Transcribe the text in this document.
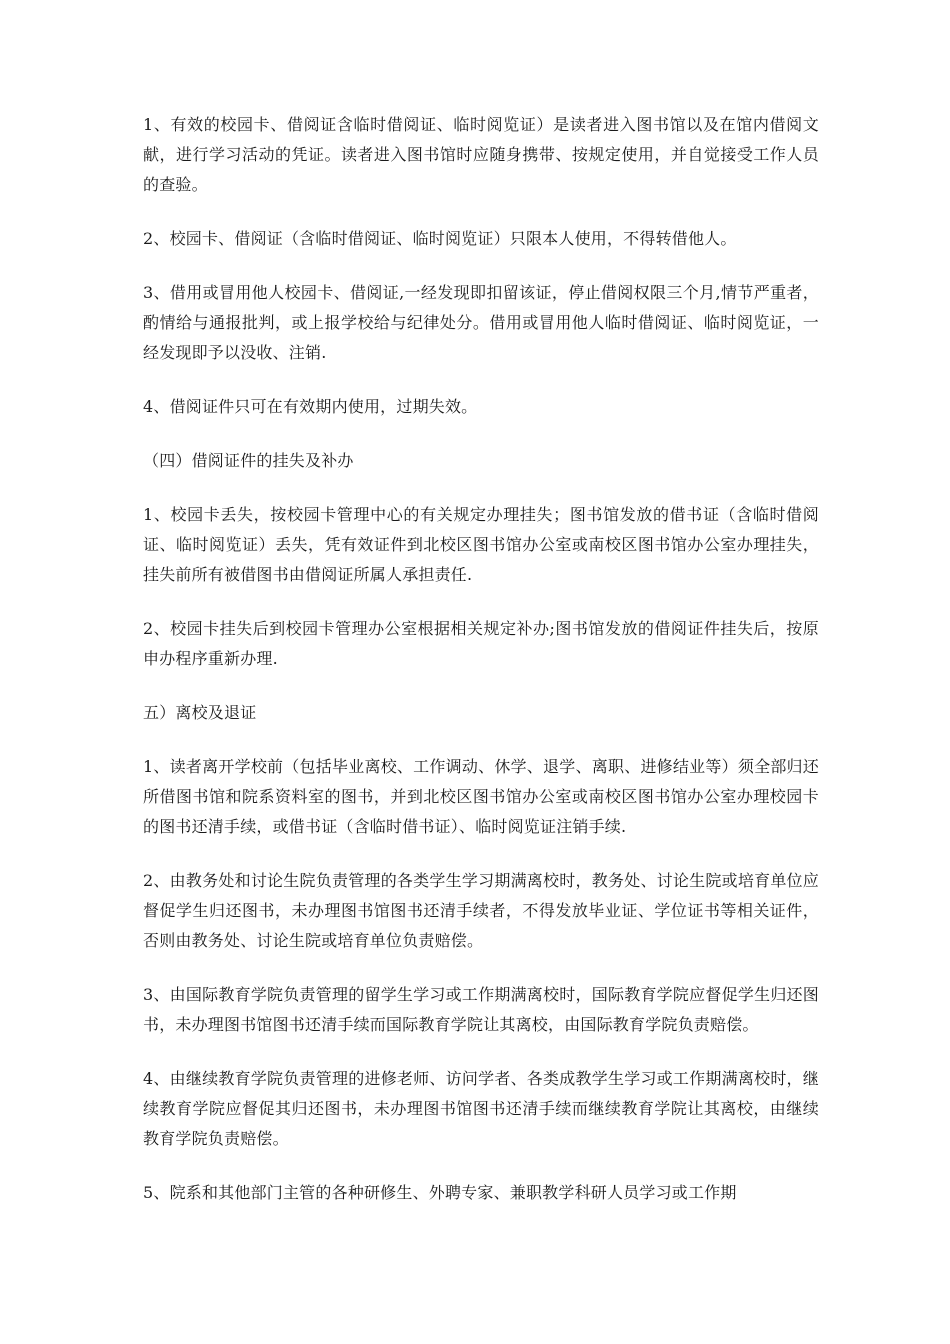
1、有效的校园卡、借阅证含临时借阅证、临时阅览证）是读者进入图书馆以及在馆内借阅文献，进行学习活动的凭证。读者进入图书馆时应随身携带、按规定使用，并自觉接受工作人员的查验。

2、校园卡、借阅证（含临时借阅证、临时阅览证）只限本人使用，不得转借他人。

3、借用或冒用他人校园卡、借阅证,一经发现即扣留该证，停止借阅权限三个月,情节严重者，酌情给与通报批判，或上报学校给与纪律处分。借用或冒用他人临时借阅证、临时阅览证，一经发现即予以没收、注销.

4、借阅证件只可在有效期内使用，过期失效。

（四）借阅证件的挂失及补办

1、校园卡丢失，按校园卡管理中心的有关规定办理挂失；图书馆发放的借书证（含临时借阅证、临时阅览证）丢失，凭有效证件到北校区图书馆办公室或南校区图书馆办公室办理挂失，挂失前所有被借图书由借阅证所属人承担责任.

2、校园卡挂失后到校园卡管理办公室根据相关规定补办;图书馆发放的借阅证件挂失后，按原申办程序重新办理.

五）离校及退证

1、读者离开学校前（包括毕业离校、工作调动、休学、退学、离职、进修结业等）须全部归还所借图书馆和院系资料室的图书，并到北校区图书馆办公室或南校区图书馆办公室办理校园卡的图书还清手续，或借书证（含临时借书证）、临时阅览证注销手续.

2、由教务处和讨论生院负责管理的各类学生学习期满离校时，教务处、讨论生院或培育单位应督促学生归还图书，未办理图书馆图书还清手续者，不得发放毕业证、学位证书等相关证件，否则由教务处、讨论生院或培育单位负责赔偿。

3、由国际教育学院负责管理的留学生学习或工作期满离校时，国际教育学院应督促学生归还图书，未办理图书馆图书还清手续而国际教育学院让其离校，由国际教育学院负责赔偿。

4、由继续教育学院负责管理的进修老师、访问学者、各类成教学生学习或工作期满离校时，继续教育学院应督促其归还图书，未办理图书馆图书还清手续而继续教育学院让其离校，由继续教育学院负责赔偿。

5、院系和其他部门主管的各种研修生、外聘专家、兼职教学科研人员学习或工作期
